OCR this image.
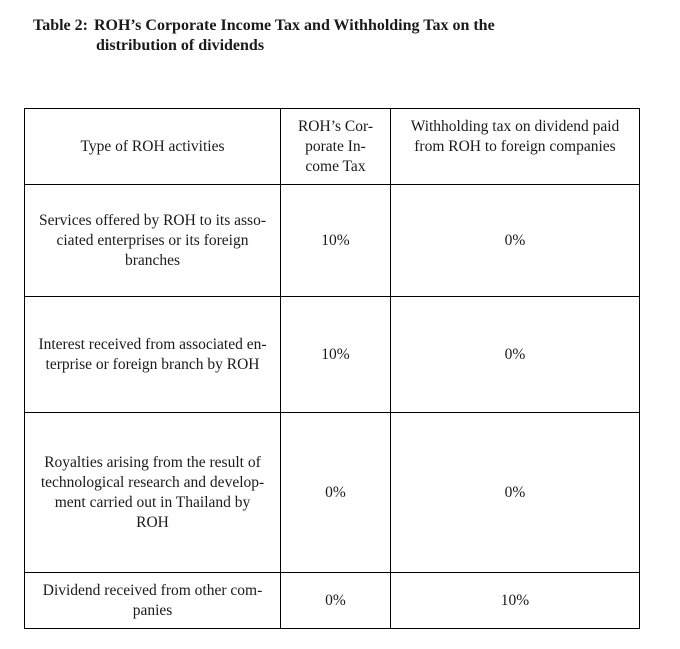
Table 2: ROH’s Corporate Income Tax and Withholding Tax on the
distribution of dividends
Type of ROH activities	ROH’s Cor-
porate In-
come Tax	Withholding tax on dividend paid
from ROH to foreign companies
Services offered by ROH to its asso-
ciated enterprises or its foreign
branches	10%	0%
Interest received from associated en-
terprise or foreign branch by ROH	10%	0%
Royalties arising from the result of
technological research and develop-
ment carried out in Thailand by
ROH	0%	0%
Dividend received from other com-
panies	0%	10%
